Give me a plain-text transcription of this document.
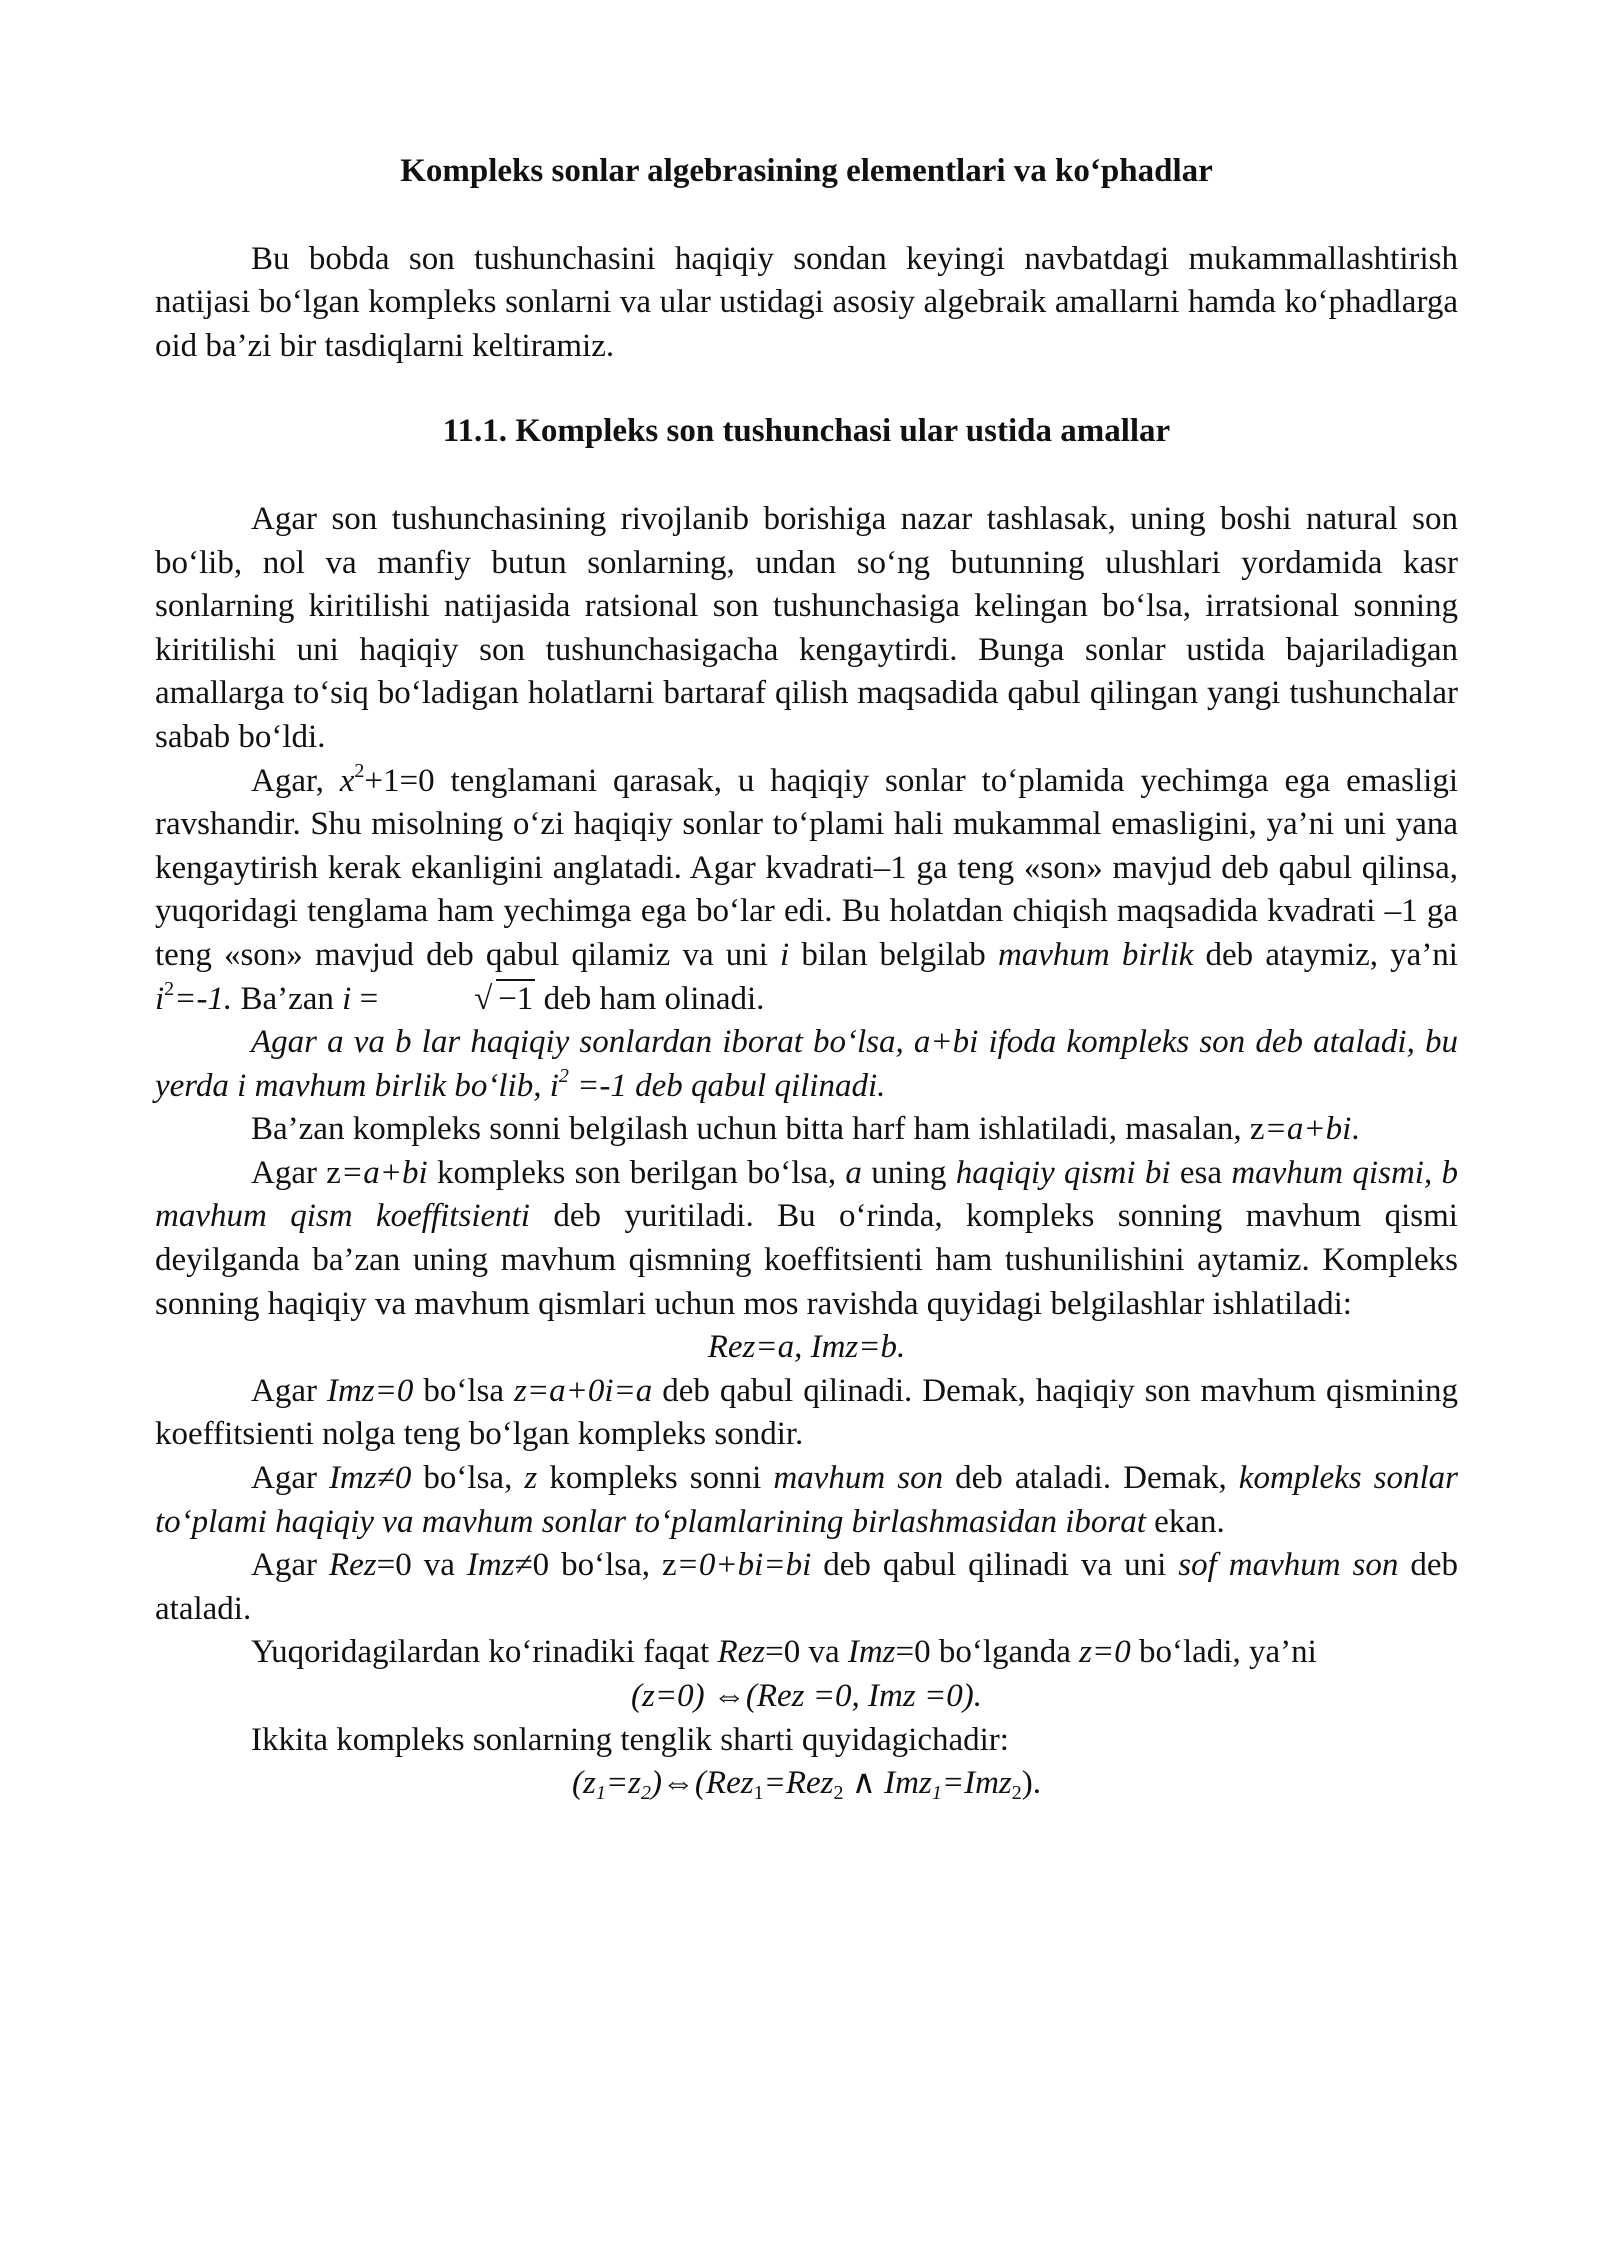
Kompleks sonlar algebrasining elementlari va ko‘phadlar

Bu bobda son tushunchasini haqiqiy sondan keyingi navbatdagi mukammallashtirish natijasi bo‘lgan kompleks sonlarni va ular ustidagi asosiy algebraik amallarni hamda ko‘phadlarga oid ba’zi bir tasdiqlarni keltiramiz.

11.1. Kompleks son tushunchasi ular ustida amallar

Agar son tushunchasining rivojlanib borishiga nazar tashlasak, uning boshi natural son bo‘lib, nol va manfiy butun sonlarning, undan so‘ng butunning ulushlari yordamida kasr sonlarning kiritilishi natijasida ratsional son tushunchasiga kelingan bo‘lsa, irratsional sonning kiritilishi uni haqiqiy son tushunchasigacha kengaytirdi. Bunga sonlar ustida bajariladigan amallarga to‘siq bo‘ladigan holatlarni bartaraf qilish maqsadida qabul qilingan yangi tushunchalar sabab bo‘ldi.

Agar, $x^2+1=0$ tenglamani qarasak, u haqiqiy sonlar to‘plamida yechimga ega emasligi ravshandir. Shu misolning o‘zi haqiqiy sonlar to‘plami hali mukammal emasligini, ya’ni uni yana kengaytirish kerak ekanligini anglatadi. Agar kvadrati–1 ga teng «son» mavjud deb qabul qilinsa, yuqoridagi tenglama ham yechimga ega bo‘lar edi. Bu holatdan chiqish maqsadida kvadrati –1 ga teng «son» mavjud deb qabul qilamiz va uni i bilan belgilab mavhum birlik deb ataymiz, ya’ni $i^2=-1$. Ba’zan i =	√ −1 deb ham olinadi.

Agar a va b lar haqiqiy sonlardan iborat bo‘lsa, a+bi ifoda kompleks son deb ataladi, bu yerda i mavhum birlik bo‘lib, $i^2 =-1$ deb qabul qilinadi.

Ba’zan kompleks sonni belgilash uchun bitta harf ham ishlatiladi, masalan, z=a+bi.

Agar z=a+bi kompleks son berilgan bo‘lsa, a uning haqiqiy qismi bi esa mavhum qismi, b mavhum qism koeffitsienti deb yuritiladi. Bu o‘rinda, kompleks sonning mavhum qismi deyilganda ba’zan uning mavhum qismning koeffitsienti ham tushunilishini aytamiz. Kompleks sonning haqiqiy va mavhum qismlari uchun mos ravishda quyidagi belgilashlar ishlatiladi:

Rez=a, Imz=b.

Agar Imz=0 bo‘lsa z=a+0i=a deb qabul qilinadi. Demak, haqiqiy son mavhum qismining koeffitsienti nolga teng bo‘lgan kompleks sondir.

Agar Imz≠0 bo‘lsa, z kompleks sonni mavhum son deb ataladi. Demak, kompleks sonlar to‘plami haqiqiy va mavhum sonlar to‘plamlarining birlashmasidan iborat ekan.

Agar Rez=0 va Imz≠0 bo‘lsa, z=0+bi=bi deb qabul qilinadi va uni sof mavhum son deb ataladi.

Yuqoridagilardan ko‘rinadiki faqat Rez=0 va Imz=0 bo‘lganda z=0 bo‘ladi, ya’ni

(z=0) ⇔(Rez =0, Imz =0).

Ikkita kompleks sonlarning tenglik sharti quyidagichadir:

$(z_1=z_2)\Leftrightarrow(Rez_1=Rez_2$ ∧ Imz$_1$=Imz$_2$).
